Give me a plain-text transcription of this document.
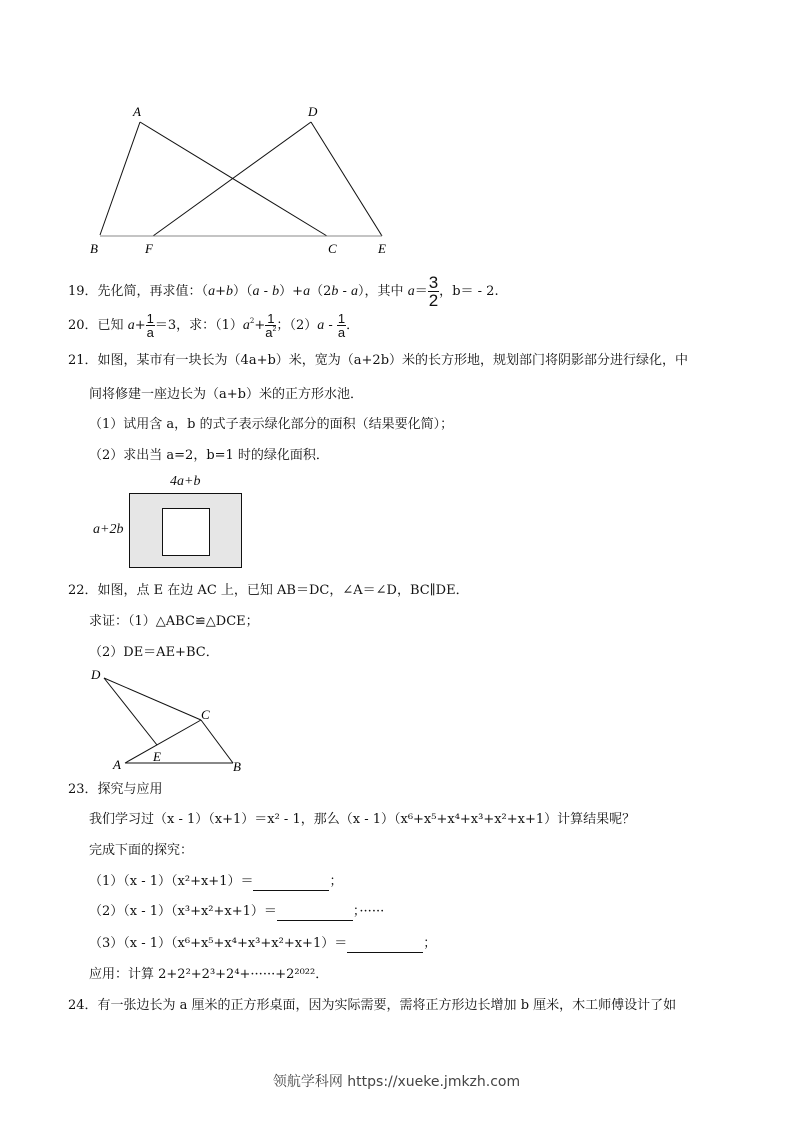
A	D
B	F	C	E
19．先化简，再求值：（a+b）（a - b）+a（2b - a），其中 $a= \frac{3}{2}$ ，b＝ - 2.
20．已知 $a+ \frac{1}{a} =3$，求：$(1)a^2+ \frac{1}{a^2}$ ；$(2)a - \frac{1}{a}$ ．
21．如图，某市有一块长为（4a+b）米，宽为（a+2b）米的长方形地，规划部门将阴影部分进行绿化，中
间将修建一座边长为（a+b）米的正方形水池．
（1）试用含 a，b 的式子表示绿化部分的面积（结果要化简）；
（2）求出当 a=2，b=1 时的绿化面积．
4a+b
a+2b
22．如图，点 E 在边 AC 上，已知 AB＝DC，∠A＝∠D，BC∥DE．
求证：（1）△ABC≌△DCE；
（2）DE＝AE+BC．
D
C
E
A	B
23．探究与应用
我们学习过（x - 1）（x+1）＝x² - 1，那么（x - 1）（x⁶+x⁵+x⁴+x³+x²+x+1）计算结果呢？
完成下面的探究：
（1）（x - 1）（x²+x+1）＝	；
（2）（x - 1）（x³+x²+x+1）＝	；······
（3）（x - 1）（x⁶+x⁵+x⁴+x³+x²+x+1）＝	；
应用：计算 2+2²+2³+2⁴+······+2²⁰²²．
24．有一张边长为 a 厘米的正方形桌面，因为实际需要，需将正方形边长增加 b 厘米，木工师傅设计了如
领航学科网 https://xueke.jmkzh.com
